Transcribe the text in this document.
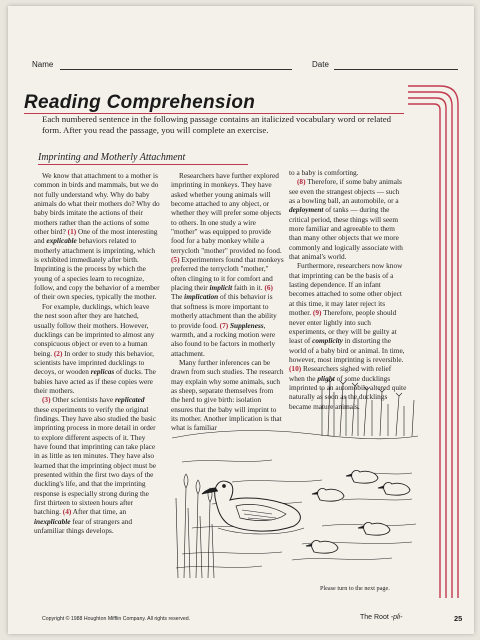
Name	Date
Reading Comprehension
Each numbered sentence in the following passage contains an italicized vocabulary word or related form. After you read the passage, you will complete an exercise.
Imprinting and Motherly Attachment

We know that attachment to a mother is common in birds and mammals, but we do not fully understand why. Why do baby animals do what their mothers do? Why do baby birds imitate the actions of their mothers rather than the actions of some other bird? (1) One of the most interesting and explicable behaviors related to motherly attachment is imprinting, which is exhibited immediately after birth. Imprinting is the process by which the young of a species learn to recognize, follow, and copy the behavior of a member of their own species, typically the mother.

For example, ducklings, which leave the nest soon after they are hatched, usually follow their mothers. However, ducklings can be imprinted to almost any conspicuous object or even to a human being. (2) In order to study this behavior, scientists have imprinted ducklings to decoys, or wooden replicas of ducks. The babies have acted as if these copies were their mothers.

(3) Other scientists have replicated these experiments to verify the original findings. They have also studied the basic imprinting process in more detail in order to explore different aspects of it. They have found that imprinting can take place in as little as ten minutes. They have also learned that the imprinting object must be presented within the first two days of the duckling's life, and that the imprinting response is especially strong during the first thirteen to sixteen hours after hatching. (4) After that time, an inexplicable fear of strangers and unfamiliar things develops.

Researchers have further explored imprinting in monkeys. They have asked whether young animals will become attached to any object, or whether they will prefer some objects to others. In one study a wire "mother" was equipped to provide food for a baby monkey while a terrycloth "mother" provided no food. (5) Experimenters found that monkeys preferred the terrycloth "mother," often clinging to it for comfort and placing their implicit faith in it. (6) The implication of this behavior is that softness is more important to motherly attachment than the ability to provide food. (7) Suppleness, warmth, and a rocking motion were also found to be factors in motherly attachment.

Many further inferences can be drawn from such studies. The research may explain why some animals, such as sheep, separate themselves from the herd to give birth: isolation ensures that the baby will imprint to its mother. Another implication is that what is familiar

to a baby is comforting.

(8) Therefore, if some baby animals see even the strangest objects — such as a bowling ball, an automobile, or a deployment of tanks — during the critical period, these things will seem more familiar and agreeable to them than many other objects that we more commonly and logically associate with that animal's world.

Furthermore, researchers now know that imprinting can be the basis of a lasting dependence. If an infant becomes attached to some other object at this time, it may later reject its mother. (9) Therefore, people should never enter lightly into such experiments, or they will be guilty at least of complicity in distorting the world of a baby bird or animal. In time, however, most imprinting is reversible. (10) Researchers sighed with relief when the plight of some ducklings imprinted to an automobile altered quite naturally as soon as the ducklings became mature animals.

Please turn to the next page.
Copyright © 1988 Houghton Mifflin Company. All rights reserved.	The Root -pli-	25
